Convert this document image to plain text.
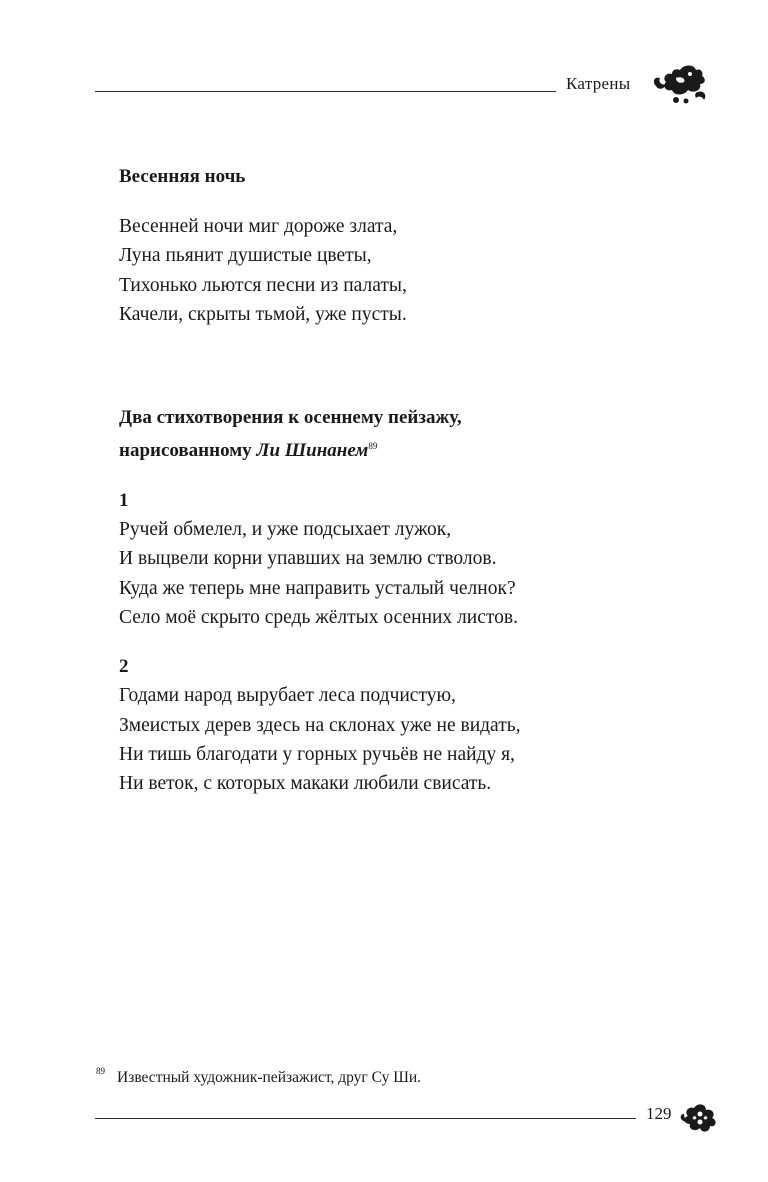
Катрены
Весенняя ночь
Весенней ночи миг дороже злата,
Луна пьянит душистые цветы,
Тихонько льются песни из палаты,
Качели, скрыты тьмой, уже пусты.
Два стихотворения к осеннему пейзажу,
нарисованному Ли Шинанем$^{89}$

1

Ручей обмелел, и уже подсыхает лужок,
И выцвели корни упавших на землю стволов.
Куда же теперь мне направить усталый челнок?
Село моё скрыто средь жёлтых осенних листов.

2

Годами народ вырубает леса подчистую,
Змеистых дерев здесь на склонах уже не видать,
Ни тишь благодати у горных ручьёв не найду я,
Ни веток, с которых макаки любили свисать.
$^{89}$ Известный художник-пейзажист, друг Су Ши.
129
